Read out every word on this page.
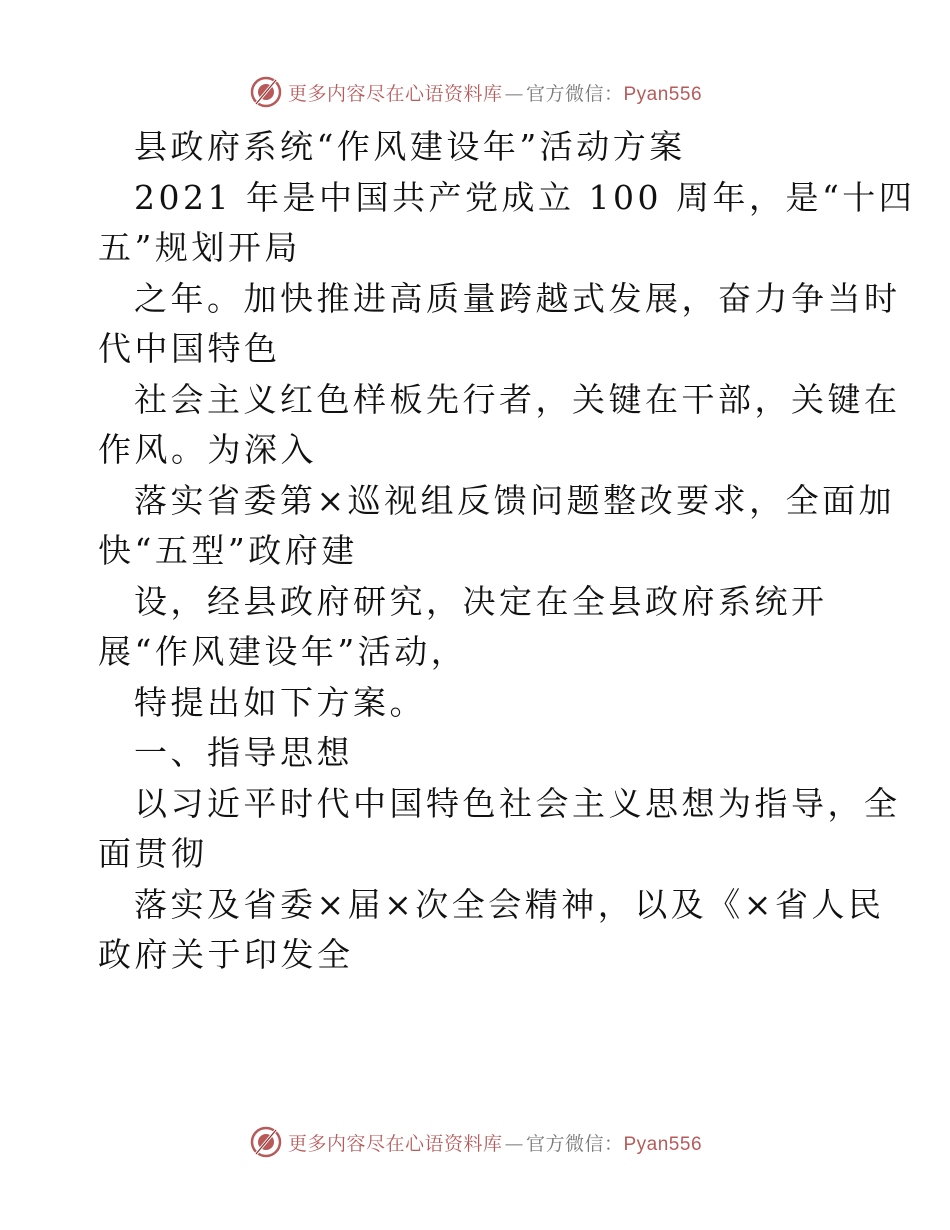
更多内容尽在心语资料库 — 官方微信：Pyan556
县政府系统“作风建设年”活动方案
2021 年是中国共产党成立 100 周年，是“十四
五”规划开局
之年。加快推进高质量跨越式发展，奋力争当时
代中国特色
社会主义红色样板先行者，关键在干部，关键在
作风。为深入
落实省委第×巡视组反馈问题整改要求，全面加
快“五型”政府建
设，经县政府研究，决定在全县政府系统开
展“作风建设年”活动，
特提出如下方案。
一、指导思想
以习近平时代中国特色社会主义思想为指导，全
面贯彻
落实及省委×届×次全会精神，以及《×省人民
政府关于印发全
更多内容尽在心语资料库 — 官方微信：Pyan556
